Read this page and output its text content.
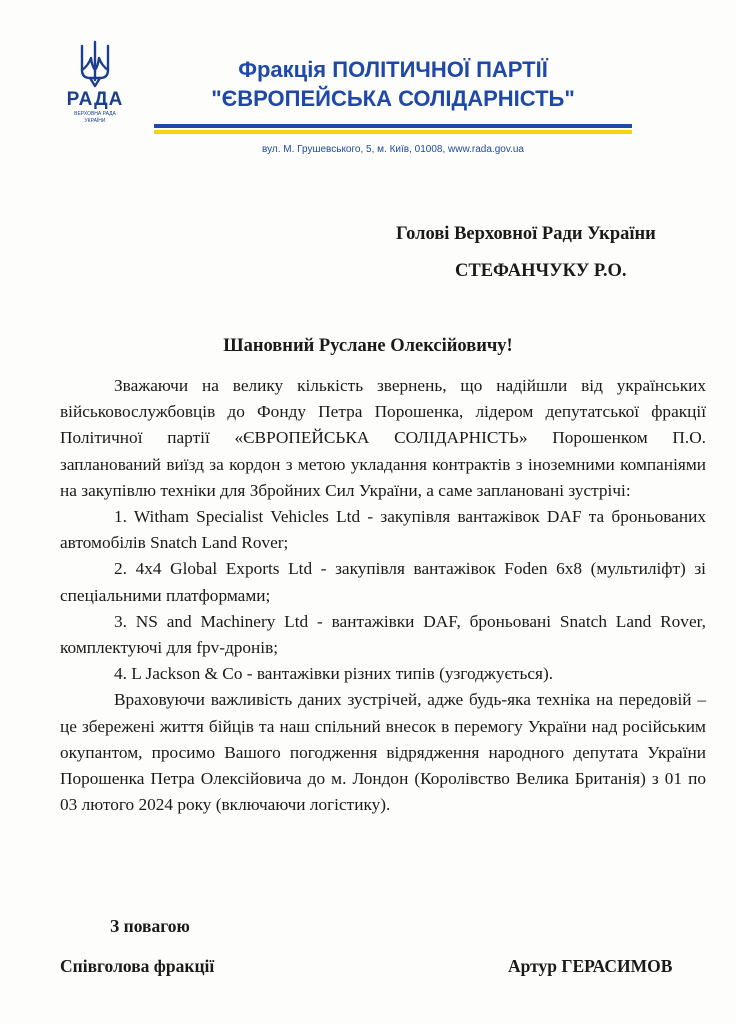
РАДА
ВЕРХОВНА РАДА
УКРАЇНИ
Фракція ПОЛІТИЧНОЇ ПАРТІЇ
"ЄВРОПЕЙСЬКА СОЛІДАРНІСТЬ"
вул. М. Грушевського, 5, м. Київ, 01008, www.rada.gov.ua
Голові Верховної Ради України
СТЕФАНЧУКУ Р.О.
Шановний Руслане Олексійовичу!

Зважаючи на велику кількість звернень, що надійшли від українських військовослужбовців до Фонду Петра Порошенка, лідером депутатської фракції Політичної партії «ЄВРОПЕЙСЬКА СОЛІДАРНІСТЬ» Порошенком П.О. запланований виїзд за кордон з метою укладання контрактів з іноземними компаніями на закупівлю техніки для Збройних Сил України, а саме заплановані зустрічі:

1. Witham Specialist Vehicles Ltd - закупівля вантажівок DAF та броньованих автомобілів Snatch Land Rover;

2. 4x4 Global Exports Ltd - закупівля вантажівок Foden 6x8 (мультиліфт) зі спеціальними платформами;

3. NS and Machinery Ltd - вантажівки DAF, броньовані Snatch Land Rover, комплектуючі для fpv-дронів;

4. L Jackson & Co - вантажівки різних типів (узгоджується).

Враховуючи важливість даних зустрічей, адже будь-яка техніка на передовій – це збережені життя бійців та наш спільний внесок в перемогу України над російським окупантом, просимо Вашого погодження відрядження народного депутата України Порошенка Петра Олексійовича до м. Лондон (Королівство Велика Британія) з 01 по 03 лютого 2024 року (включаючи логістику).

З повагою
Співголова фракції	Артур ГЕРАСИМОВ
